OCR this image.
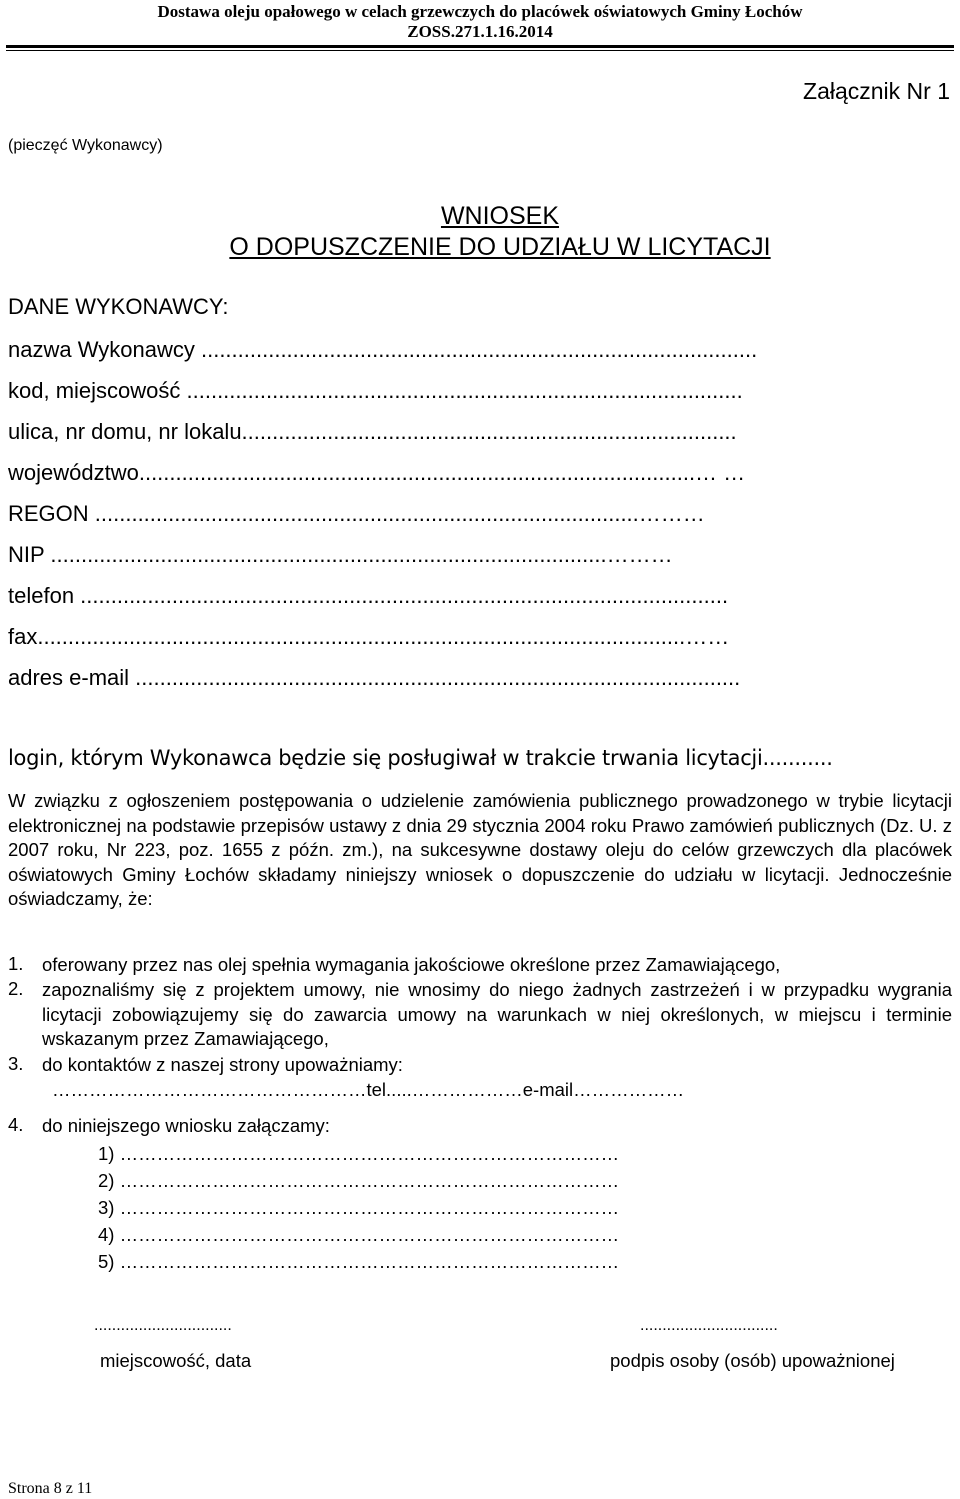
Dostawa oleju opałowego w celach grzewczych do placówek oświatowych Gminy Łochów
ZOSS.271.1.16.2014
Załącznik Nr 1
(pieczęć Wykonawcy)
WNIOSEK
O DOPUSZCZENIE DO UDZIAŁU W LICYTACJI
DANE WYKONAWCY:
nazwa Wykonawcy ...........................................................................................
kod, miejscowość ...........................................................................................
ulica, nr domu, nr lokalu.................................................................................
województwo...........................................................................................… …
REGON .........................................................................................………
NIP ...........................................................................................………
telefon ..........................................................................................................
fax..........................................................................................................……
adres e-mail ...................................................................................................
login, którym Wykonawca będzie się posługiwał w trakcie trwania licytacji...........
W związku z ogłoszeniem postępowania o udzielenie zamówienia publicznego prowadzonego w trybie licytacji elektronicznej na podstawie przepisów ustawy z dnia 29 stycznia 2004 roku Prawo zamówień publicznych (Dz. U. z 2007 roku, Nr 223, poz. 1655 z późn. zm.), na sukcesywne dostawy oleju do celów grzewczych dla placówek oświatowych Gminy Łochów składamy niniejszy wniosek o dopuszczenie do udziału w licytacji. Jednocześnie oświadczamy, że:
1. oferowany przez nas olej spełnia wymagania jakościowe określone przez Zamawiającego,
2. zapoznaliśmy się z projektem umowy, nie wnosimy do niego żadnych zastrzeżeń i w przypadku wygrania licytacji zobowiązujemy się do zawarcia umowy na warunkach w niej określonych, w miejscu i terminie wskazanym przez Zamawiającego,
3. do kontaktów z naszej strony upoważniamy:
……………………………………………tel.....………………e-mail………………
4. do niniejszego wniosku załączamy:
1) ………………………………………………………………………
2) ………………………………………………………………………
3) ………………………………………………………………………
4) ………………………………………………………………………
5) ………………………………………………………………………
...............................	...............................
miejscowość, data	podpis osoby (osób) upoważnionej
Strona 8 z 11
